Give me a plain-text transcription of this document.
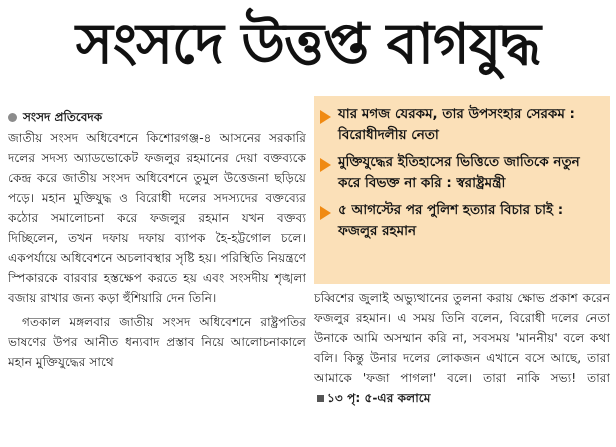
সংসদে উত্তপ্ত বাগযুদ্ধ
সংসদ প্রতিবেদক

জাতীয় সংসদ অধিবেশনে কিশোরগঞ্জ-৪ আসনের সরকারি দলের সদস্য অ্যাডভোকেট ফজলুর রহমানের দেয়া বক্তব্যকে কেন্দ্র করে জাতীয় সংসদ অধিবেশনে তুমুল উত্তেজনা ছড়িয়ে পড়ে। মহান মুক্তিযুদ্ধ ও বিরোধী দলের সদস্যদের বক্তব্যের কঠোর সমালোচনা করে ফজলুর রহমান যখন বক্তব্য দিচ্ছিলেন, তখন দফায় দফায় ব্যাপক হৈ-হট্টগোল চলে। একপর্যায়ে অধিবেশনে অচলাবস্থার সৃষ্টি হয়। পরিস্থিতি নিয়ন্ত্রণে স্পিকারকে বারবার হস্তক্ষেপ করতে হয় এবং সংসদীয় শৃঙ্খলা বজায় রাখার জন্য কড়া হুঁশিয়ারি দেন তিনি।

গতকাল মঙ্গলবার জাতীয় সংসদ অধিবেশনে রাষ্ট্রপতির ভাষণের উপর আনীত ধন্যবাদ প্রস্তাব নিয়ে আলোচনাকালে মহান মুক্তিযুদ্ধের সাথে

যার মগজ যেরকম, তার উপসংহার সেরকম : বিরোধীদলীয় নেতা
মুক্তিযুদ্ধের ইতিহাসের ভিত্তিতে জাতিকে নতুন করে বিভক্ত না করি : স্বরাষ্ট্রমন্ত্রী
৫ আগস্টের পর পুলিশ হত্যার বিচার চাই : ফজলুর রহমান
চব্বিশের জুলাই অভ্যুত্থানের তুলনা করায় ক্ষোভ প্রকাশ করেন ফজলুর রহমান। এ সময় তিনি বলেন, বিরোধী দলের নেতা উনাকে আমি অসম্মান করি না, সবসময় 'মাননীয়' বলে কথা বলি। কিন্তু উনার দলের লোকজন এখানে বসে আছে, তারা আমাকে 'ফজা পাগলা' বলে। তারা নাকি সভ্য! তারা ১৩ পৃ: ৫-এর কলামে
